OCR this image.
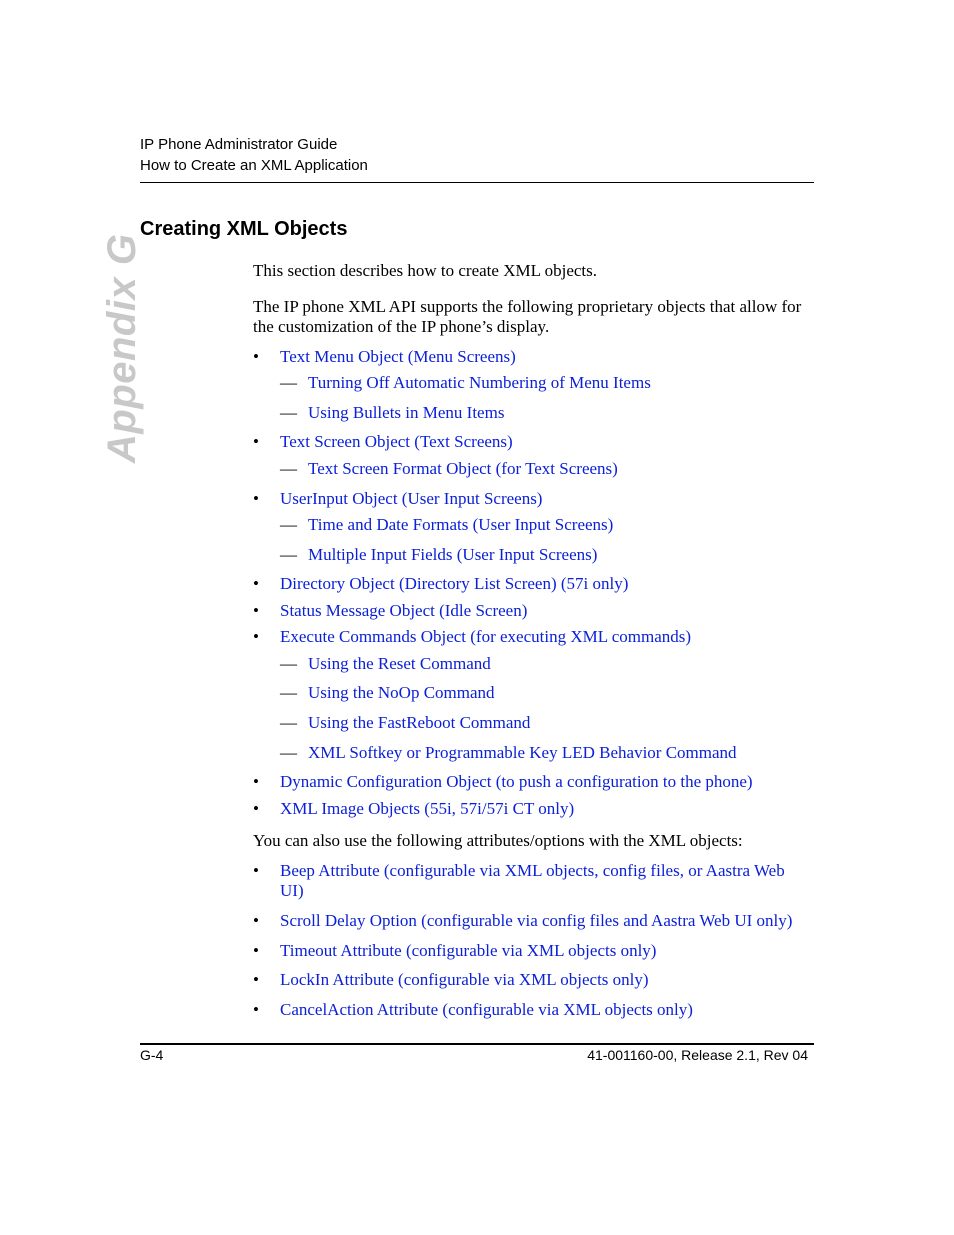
IP Phone Administrator Guide
How to Create an XML Application
Appendix G
Creating XML Objects
This section describes how to create XML objects.
The IP phone XML API supports the following proprietary objects that allow for the customization of the IP phone’s display.
• Text Menu Object (Menu Screens)
— Turning Off Automatic Numbering of Menu Items
— Using Bullets in Menu Items
• Text Screen Object (Text Screens)
— Text Screen Format Object (for Text Screens)
• UserInput Object (User Input Screens)
— Time and Date Formats (User Input Screens)
— Multiple Input Fields (User Input Screens)
• Directory Object (Directory List Screen) (57i only)
• Status Message Object (Idle Screen)
• Execute Commands Object (for executing XML commands)
— Using the Reset Command
— Using the NoOp Command
— Using the FastReboot Command
— XML Softkey or Programmable Key LED Behavior Command
• Dynamic Configuration Object (to push a configuration to the phone)
• XML Image Objects (55i, 57i/57i CT only)
You can also use the following attributes/options with the XML objects:
• Beep Attribute (configurable via XML objects, config files, or Aastra Web UI)
• Scroll Delay Option (configurable via config files and Aastra Web UI only)
• Timeout Attribute (configurable via XML objects only)
• LockIn Attribute (configurable via XML objects only)
• CancelAction Attribute (configurable via XML objects only)
G-4	41-001160-00, Release 2.1, Rev 04
